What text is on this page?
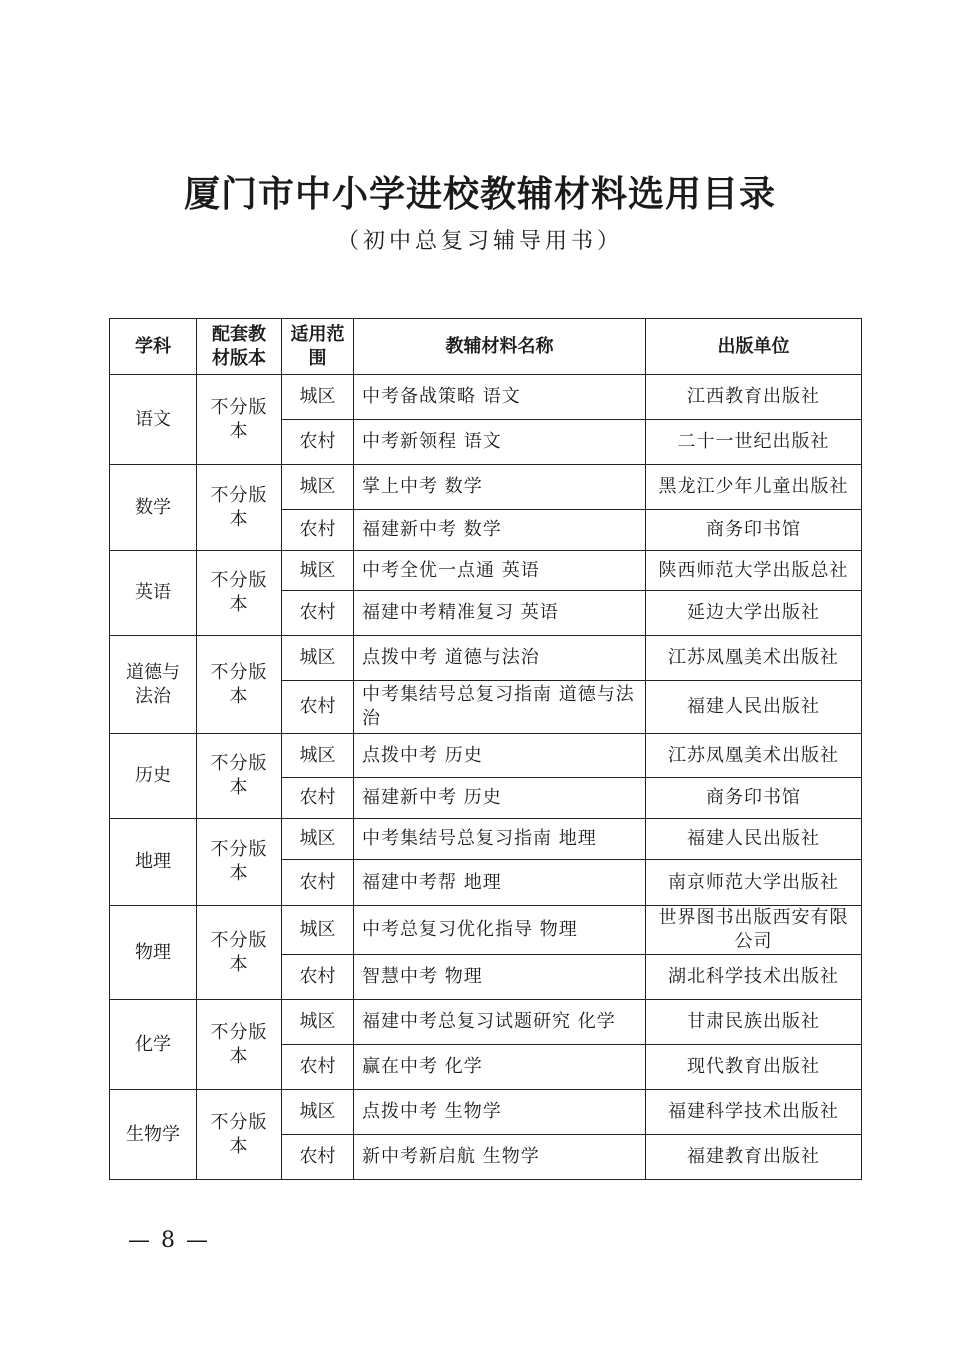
厦门市中小学进校教辅材料选用目录
（初中总复习辅导用书）
学科	配套教材版本	适用范围	教辅材料名称	出版单位
语文	不分版本	城区	中考备战策略 语文	江西教育出版社
		农村	中考新领程 语文	二十一世纪出版社
数学	不分版本	城区	掌上中考 数学	黑龙江少年儿童出版社
		农村	福建新中考 数学	商务印书馆
英语	不分版本	城区	中考全优一点通 英语	陕西师范大学出版总社
		农村	福建中考精准复习 英语	延边大学出版社
道德与法治	不分版本	城区	点拨中考 道德与法治	江苏凤凰美术出版社
		农村	中考集结号总复习指南 道德与法治	福建人民出版社
历史	不分版本	城区	点拨中考 历史	江苏凤凰美术出版社
		农村	福建新中考 历史	商务印书馆
地理	不分版本	城区	中考集结号总复习指南 地理	福建人民出版社
		农村	福建中考帮 地理	南京师范大学出版社
物理	不分版本	城区	中考总复习优化指导 物理	世界图书出版西安有限公司
		农村	智慧中考 物理	湖北科学技术出版社
化学	不分版本	城区	福建中考总复习试题研究 化学	甘肃民族出版社
		农村	赢在中考 化学	现代教育出版社
生物学	不分版本	城区	点拨中考 生物学	福建科学技术出版社
		农村	新中考新启航 生物学	福建教育出版社
— 8 —
